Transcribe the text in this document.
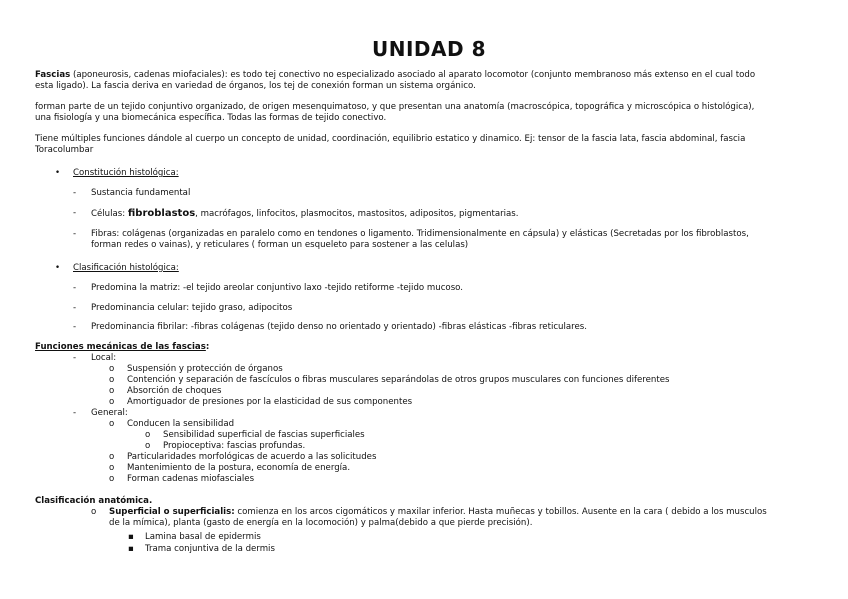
UNIDAD 8
Fascias (aponeurosis, cadenas miofaciales): es todo tej conectivo no especializado asociado al aparato locomotor (conjunto membranoso más extenso en el cual todo
esta ligado). La fascia deriva en variedad de órganos, los tej de conexión forman un sistema orgánico.
forman parte de un tejido conjuntivo organizado, de origen mesenquimatoso, y que presentan una anatomía (macroscópica, topográfica y microscópica o histológica),
una fisiología y una biomecánica específica. Todas las formas de tejido conectivo.
Tiene múltiples funciones dándole al cuerpo un concepto de unidad, coordinación, equilibrio estatico y dinamico. Ej: tensor de la fascia lata, fascia abdominal, fascia
Toracolumbar
• Constitución histológica:
- Sustancia fundamental
- Células: fibroblastos, macrófagos, linfocitos, plasmocitos, mastositos, adipositos, pigmentarias.
- Fibras: colágenas (organizadas en paralelo como en tendones o ligamento. Tridimensionalmente en cápsula) y elásticas (Secretadas por los fibroblastos,
forman redes o vainas), y reticulares ( forman un esqueleto para sostener a las celulas)
• Clasificación histológica:
- Predomina la matriz: -el tejido areolar conjuntivo laxo -tejido retiforme -tejido mucoso.
- Predominancia celular: tejido graso, adipocitos
- Predominancia fibrilar: -fibras colágenas (tejido denso no orientado y orientado) -fibras elásticas -fibras reticulares.
Funciones mecánicas de las fascias:
- Local:
o Suspensión y protección de órganos
o Contención y separación de fascículos o fibras musculares separándolas de otros grupos musculares con funciones diferentes
o Absorción de choques
o Amortiguador de presiones por la elasticidad de sus componentes
- General:
o Conducen la sensibilidad
o Sensibilidad superficial de fascias superficiales
o Propioceptiva: fascias profundas.
o Particularidades morfológicas de acuerdo a las solicitudes
o Mantenimiento de la postura, economía de energía.
o Forman cadenas miofasciales
Clasificación anatómica.
o Superficial o superficialis: comienza en los arcos cigomáticos y maxilar inferior. Hasta muñecas y tobillos. Ausente en la cara ( debido a los musculos
de la mímica), planta (gasto de energía en la locomoción) y palma(debido a que pierde precisión).
▪ Lamina basal de epidermis
▪ Trama conjuntiva de la dermis
